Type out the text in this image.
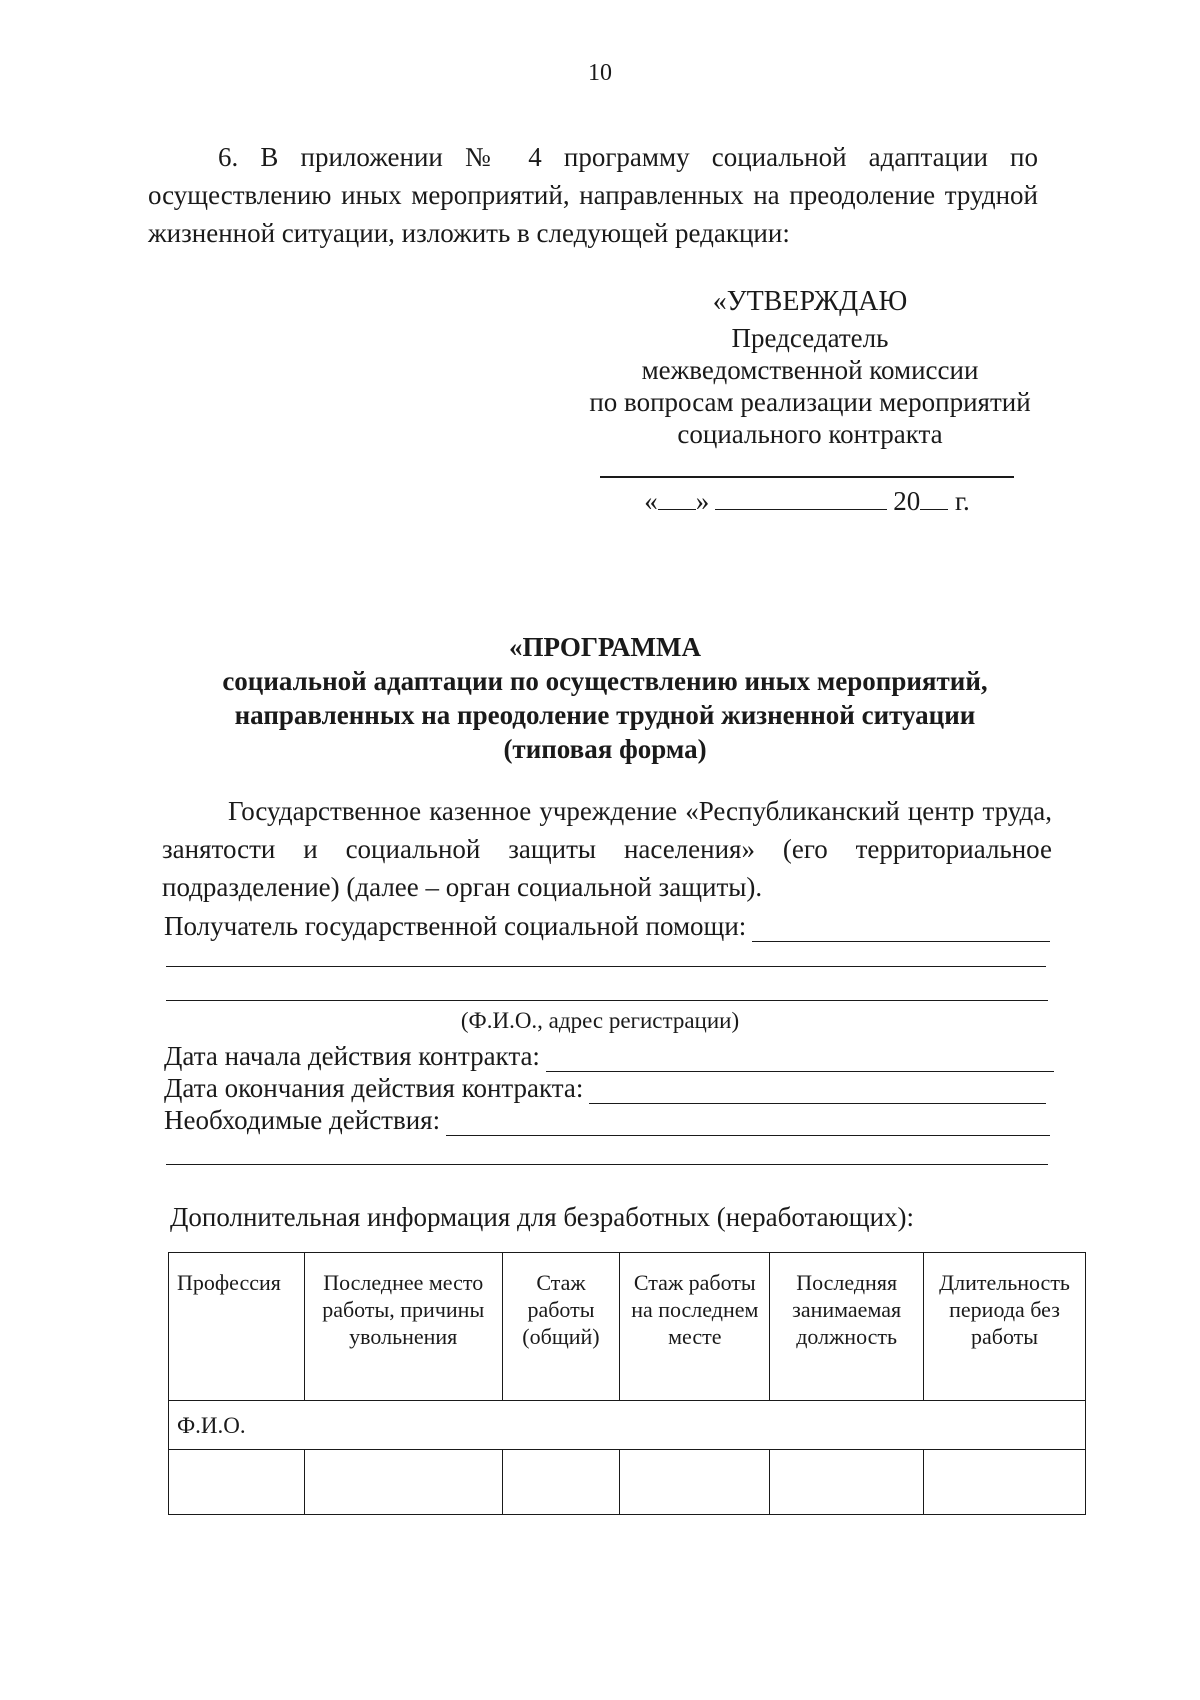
10

6. В приложении № 4 программу социальной адаптации по осуществлению иных мероприятий, направленных на преодоление трудной жизненной ситуации, изложить в следующей редакции:

«УТВЕРЖДАЮ
Председатель
межведомственной комиссии
по вопросам реализации мероприятий
социального контракта
« »	20 г.
«ПРОГРАММА
социальной адаптации по осуществлению иных мероприятий,
направленных на преодоление трудной жизненной ситуации
(типовая форма)

Государственное казенное учреждение «Республиканский центр труда, занятости и социальной защиты населения» (его территориальное подразделение) (далее – орган социальной защиты).

Получатель государственной социальной помощи:
(Ф.И.О., адрес регистрации)
Дата начала действия контракта:
Дата окончания действия контракта:
Необходимые действия:
Дополнительная информация для безработных (неработающих):
Профессия	Последнее место работы, причины увольнения	Стаж работы (общий)	Стаж работы на последнем месте	Последняя занимаемая должность	Длительность периода без работы
Ф.И.О.					
